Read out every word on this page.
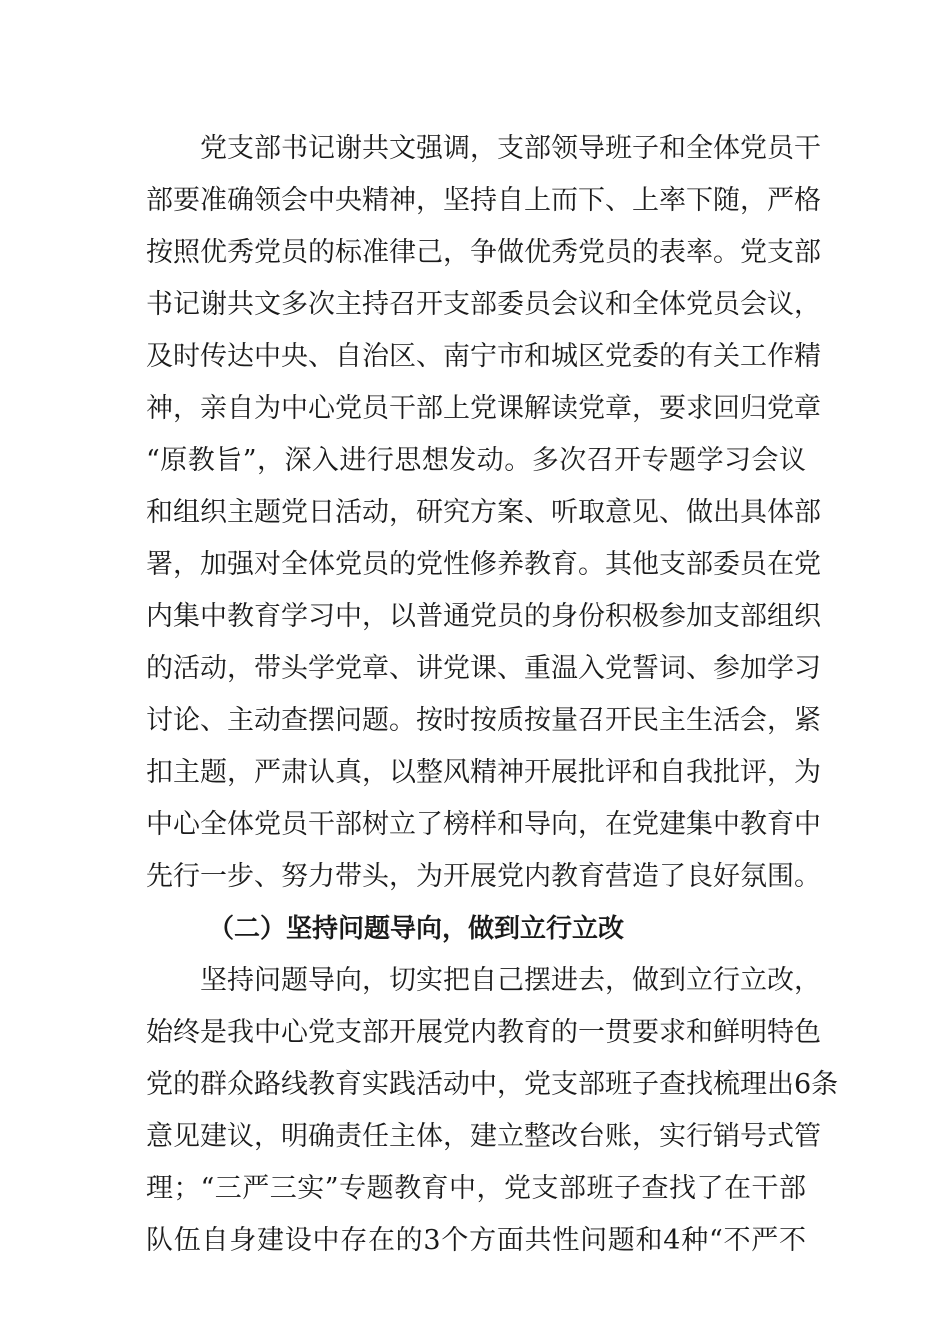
党支部书记谢共文强调，支部领导班子和全体党员干
部要准确领会中央精神，坚持自上而下、上率下随，严格
按照优秀党员的标准律己，争做优秀党员的表率。党支部
书记谢共文多次主持召开支部委员会议和全体党员会议，
及时传达中央、自治区、南宁市和城区党委的有关工作精
神，亲自为中心党员干部上党课解读党章，要求回归党章
“原教旨”，深入进行思想发动。多次召开专题学习会议
和组织主题党日活动，研究方案、听取意见、做出具体部
署，加强对全体党员的党性修养教育。其他支部委员在党
内集中教育学习中，以普通党员的身份积极参加支部组织
的活动，带头学党章、讲党课、重温入党誓词、参加学习
讨论、主动查摆问题。按时按质按量召开民主生活会，紧
扣主题，严肃认真，以整风精神开展批评和自我批评，为
中心全体党员干部树立了榜样和导向，在党建集中教育中
先行一步、努力带头，为开展党内教育营造了良好氛围。
（二）坚持问题导向，做到立行立改
坚持问题导向，切实把自己摆进去，做到立行立改，
始终是我中心党支部开展党内教育的一贯要求和鲜明特色
党的群众路线教育实践活动中，党支部班子查找梳理出6条
意见建议，明确责任主体，建立整改台账，实行销号式管
理；“三严三实”专题教育中，党支部班子查找了在干部
队伍自身建设中存在的3个方面共性问题和4种“不严不
